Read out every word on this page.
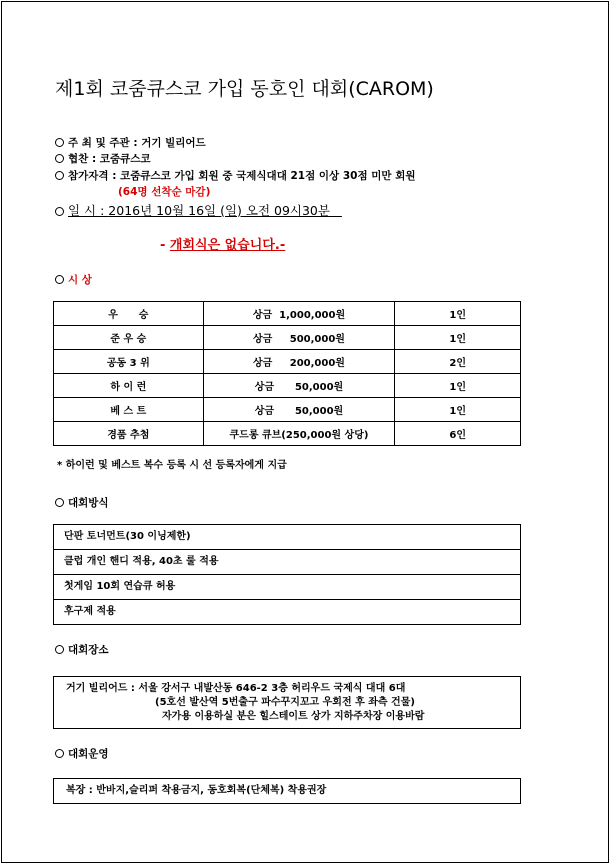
제1회 코줌큐스코 가입 동호인 대회(CAROM)
주 최 및 주관 : 거기 빌리어드
협찬 : 코줌큐스코
참가자격 : 코줌큐스코 가입 회원 중 국제식대대 21점 이상 30점 미만 회원
(64명 선착순 마감)
일 시 : 2016년 10월 16일 (일) 오전 09시30분
- 개회식은 없습니다.-
시 상
우      승	상금  1,000,000원	1인
준 우 승	상금     500,000원	1인
공동 3 위	상금     200,000원	2인
하 이 런	상금      50,000원	1인
베 스 트	상금      50,000원	1인
경품 추첨	쿠드롱 큐브(250,000원 상당)	6인
* 하이런 및 베스트 복수 등록 시 선 등록자에게 지급
대회방식
단판 토너먼트(30 이닝제한)
클럽 개인 핸디 적용, 40초 룰 적용
첫게임 10회 연습큐 허용
후구제 적용
대회장소
거기 빌리어드 : 서울 강서구 내발산동 646-2 3층 허리우드 국제식 대대 6대
(5호선 발산역 5번출구 파수꾸지꼬고 우회전 후 좌측 건물)
자가용 이용하실 분은 힐스테이트 상가 지하주차장 이용바람
대회운영
복장 : 반바지,슬리퍼 착용금지, 동호회복(단체복) 착용권장
